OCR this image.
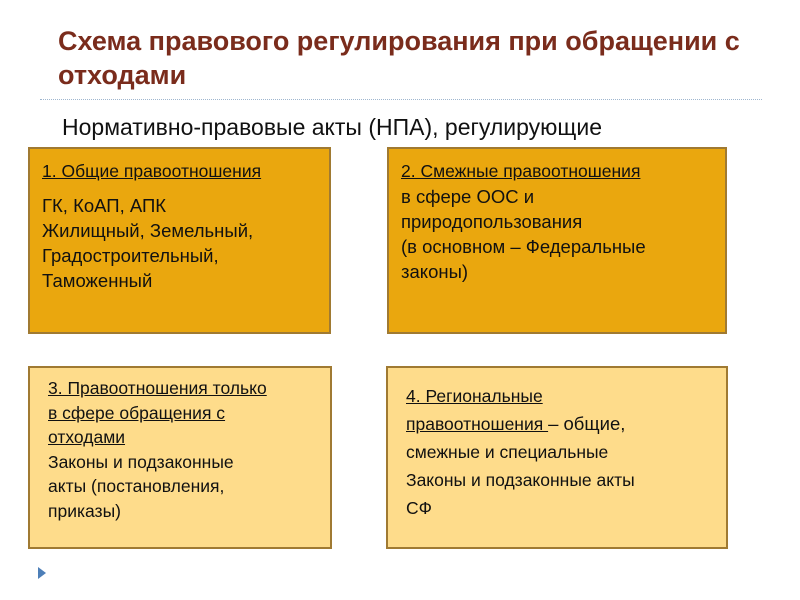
Схема правового регулирования при обращении с отходами
Нормативно-правовые акты (НПА), регулирующие
1. Общие правоотношения
ГК, КоАП, АПК
Жилищный, Земельный,
Градостроительный,
Таможенный
2. Смежные правоотношения
в сфере ООС и
природопользования
(в основном – Федеральные
законы)
3. Правоотношения только
в сфере обращения с
отходами
Законы и подзаконные
акты (постановления,
приказы)
4. Региональные
правоотношения – общие,
смежные и специальные
Законы и подзаконные акты
СФ
